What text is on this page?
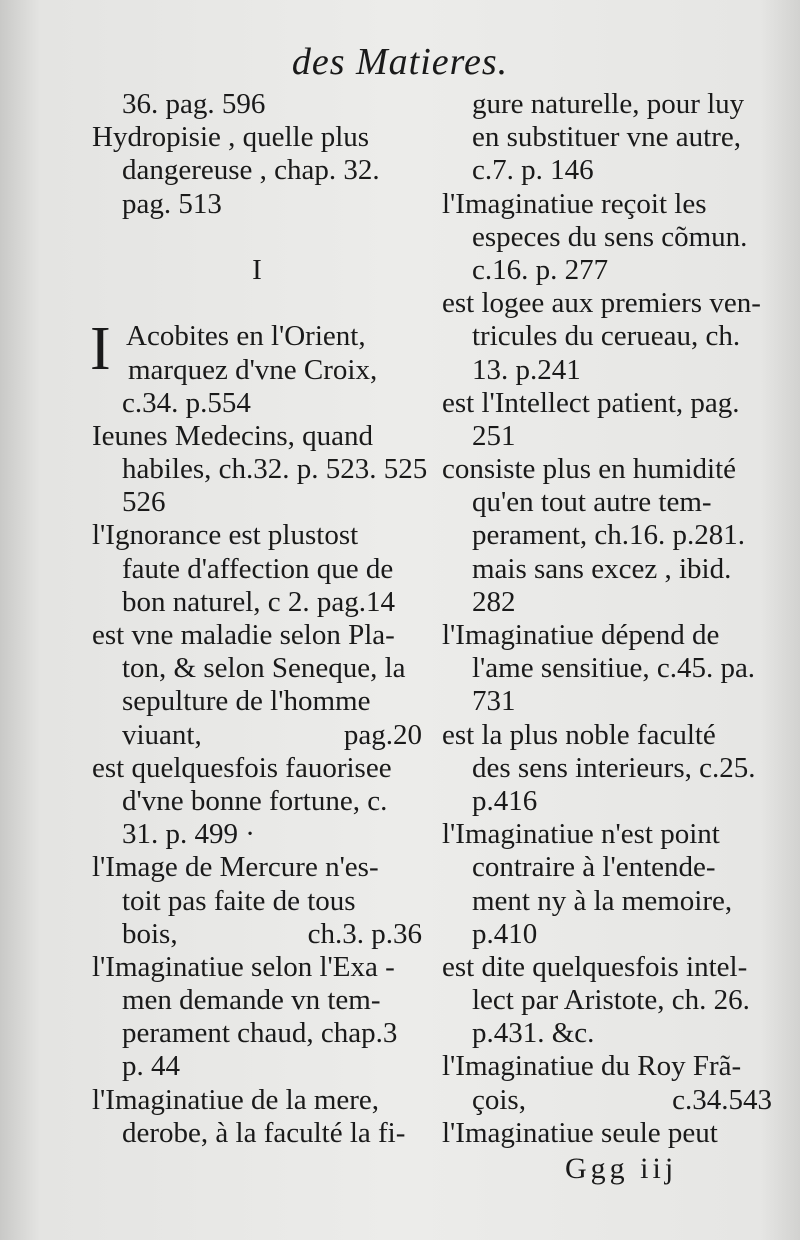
des Matieres.
36. pag. 596
Hydropisie , quelle plus
dangereuse , chap. 32.
pag. 513
I
I Acobites en l'Orient,
marquez d'vne Croix,
c.34. p.554
Ieunes Medecins, quand
habiles, ch.32. p. 523. 525
526
l'Ignorance est plustost
faute d'affection que de
bon naturel, c 2. pag.14
est vne maladie selon Pla-
ton, & selon Seneque, la
sepulture de l'homme
viuant,	pag.20
est quelquesfois fauorisee
d'vne bonne fortune, c.
31. p. 499 ·
l'Image de Mercure n'es-
toit pas faite de tous
bois,	ch.3. p.36
l'Imaginatiue selon l'Exa -
men demande vn tem-
perament chaud, chap.3
p. 44
l'Imaginatiue de la mere,
derobe, à la faculté la fi-
gure naturelle, pour luy
en substituer vne autre,
c.7. p. 146
l'Imaginatiue reçoit les
especes du sens cõmun.
c.16. p. 277
est logee aux premiers ven-
tricules du cerueau, ch.
13. p.241
est l'Intellect patient, pag.
251
consiste plus en humidité
qu'en tout autre tem-
perament, ch.16. p.281.
mais sans excez , ibid.
282
l'Imaginatiue dépend de
l'ame sensitiue, c.45. pa.
731
est la plus noble faculté
des sens interieurs, c.25.
p.416
l'Imaginatiue n'est point
contraire à l'entende-
ment ny à la memoire,
p.410
est dite quelquesfois intel-
lect par Aristote, ch. 26.
p.431. &c.
l'Imaginatiue du Roy Frã-
çois,	c.34.543
l'Imaginatiue seule peut
Ggg iij
